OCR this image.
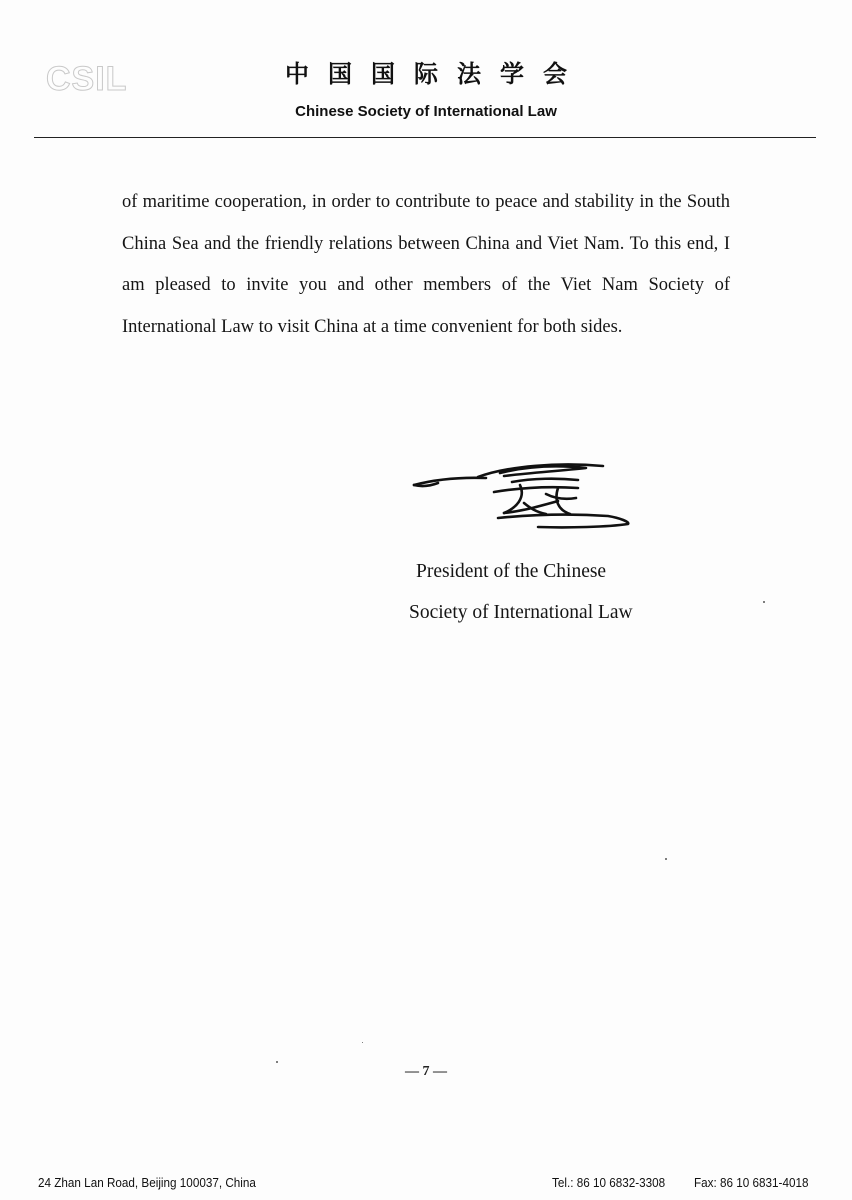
CSIL	中国国际法学会
Chinese Society of International Law

of maritime cooperation, in order to contribute to peace and stability in the South China Sea and the friendly relations between China and Viet Nam. To this end, I am pleased to invite you and other members of the Viet Nam Society of International Law to visit China at a time convenient for both sides.

President of the Chinese
Society of International Law
— 7 —
24 Zhan Lan Road, Beijing 100037, China	Tel.: 86 10 6832-3308 Fax: 86 10 6831-4018
